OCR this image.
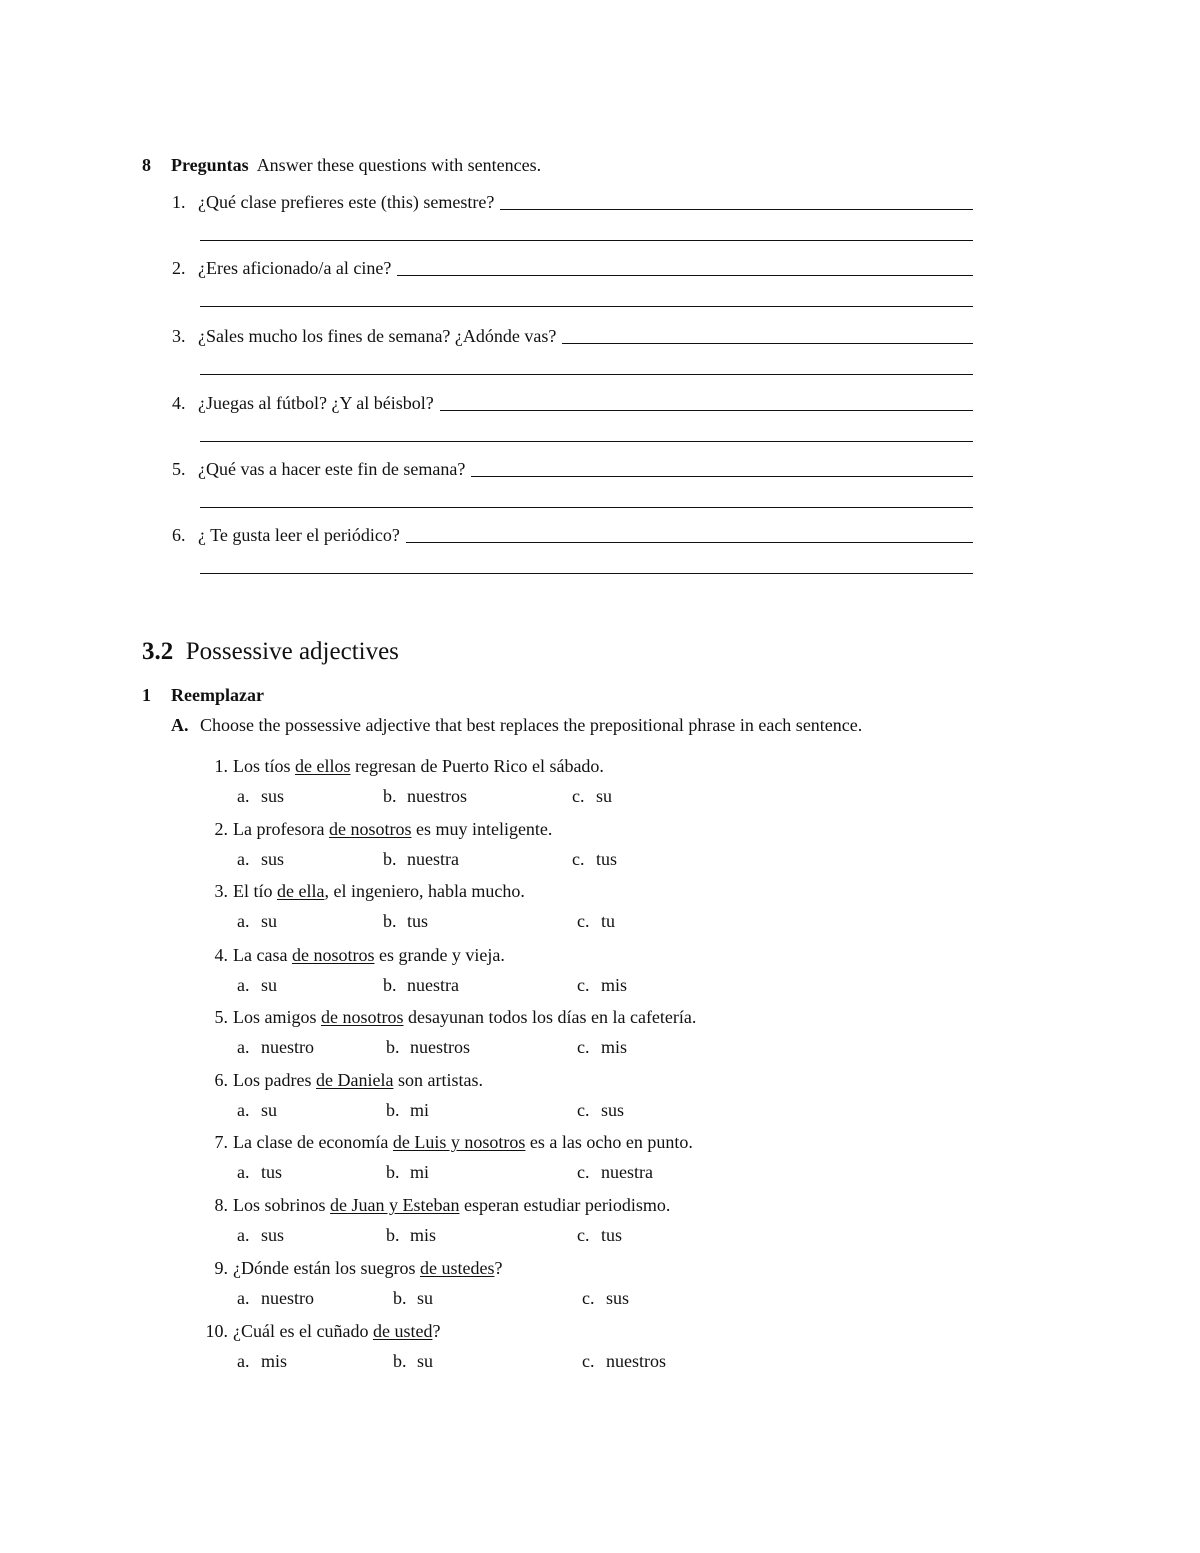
8 Preguntas Answer these questions with sentences.
1. ¿Qué clase prefieres este (this) semestre?
2. ¿Eres aficionado/a al cine?
3. ¿Sales mucho los fines de semana? ¿Adónde vas?
4. ¿Juegas al fútbol? ¿Y al béisbol?
5. ¿Qué vas a hacer este fin de semana?
6. ¿ Te gusta leer el periódico?
3.2 Possessive adjectives
1 Reemplazar
A. Choose the possessive adjective that best replaces the prepositional phrase in each sentence.
1. Los tíos de ellos regresan de Puerto Rico el sábado.
a. sus	b. nuestros	c. su
2. La profesora de nosotros es muy inteligente.
a. sus	b. nuestra	c. tus
3. El tío de ella, el ingeniero, habla mucho.
a. su	b. tus	c. tu
4. La casa de nosotros es grande y vieja.
a. su	b. nuestra	c. mis
5. Los amigos de nosotros desayunan todos los días en la cafetería.
a. nuestro	b. nuestros	c. mis
6. Los padres de Daniela son artistas.
a. su	b. mi	c. sus
7. La clase de economía de Luis y nosotros es a las ocho en punto.
a. tus	b. mi	c. nuestra
8. Los sobrinos de Juan y Esteban esperan estudiar periodismo.
a. sus	b. mis	c. tus
9. ¿Dónde están los suegros de ustedes?
a. nuestro	b. su	c. sus
10. ¿Cuál es el cuñado de usted?
a. mis	b. su	c. nuestros
